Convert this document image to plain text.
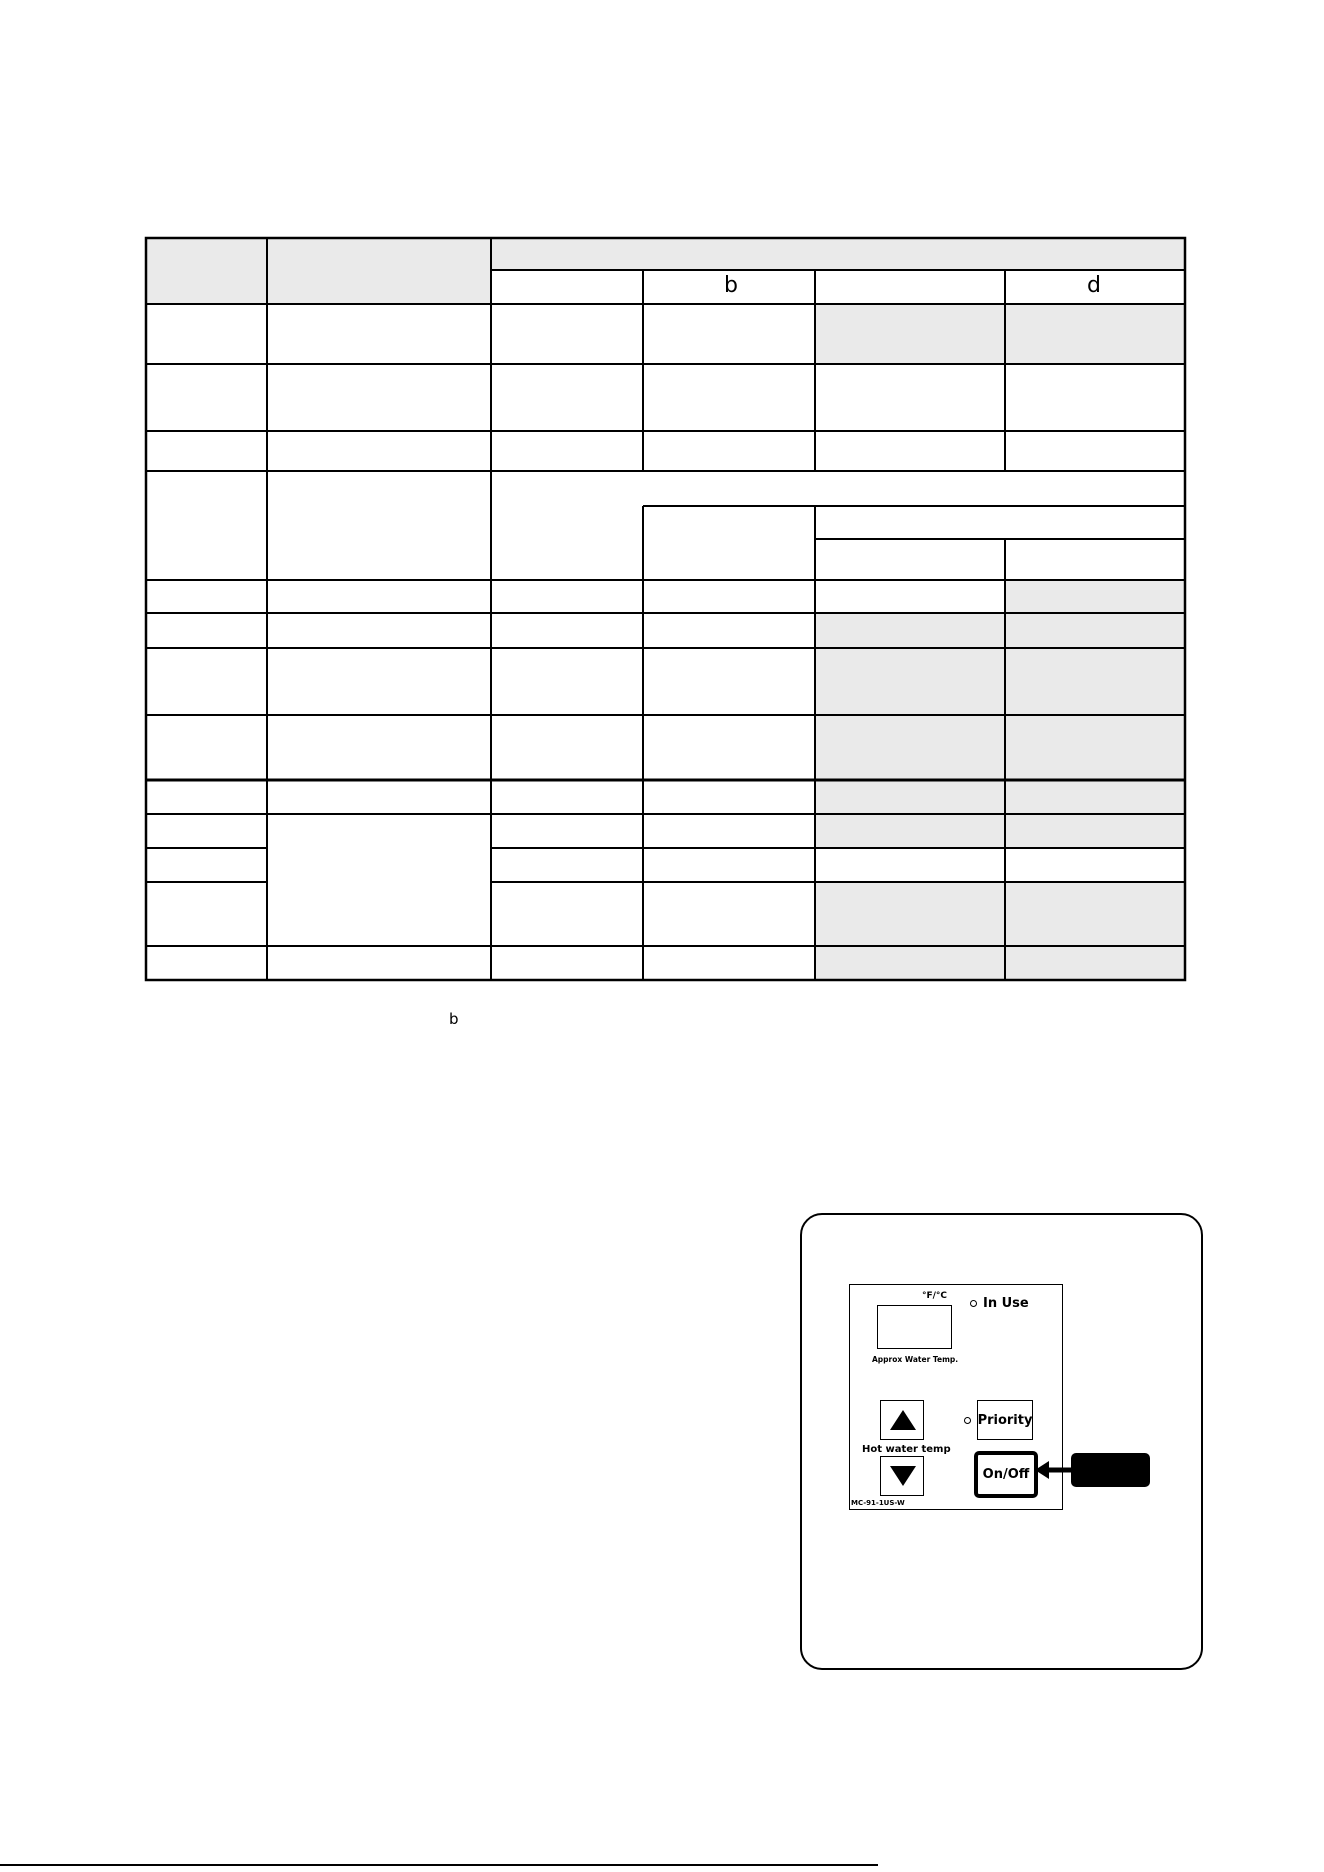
b	d
b
°F/°C	In Use
Approx Water Temp.
Hot water temp
Priority
On/Off
MC-91-1US-W
